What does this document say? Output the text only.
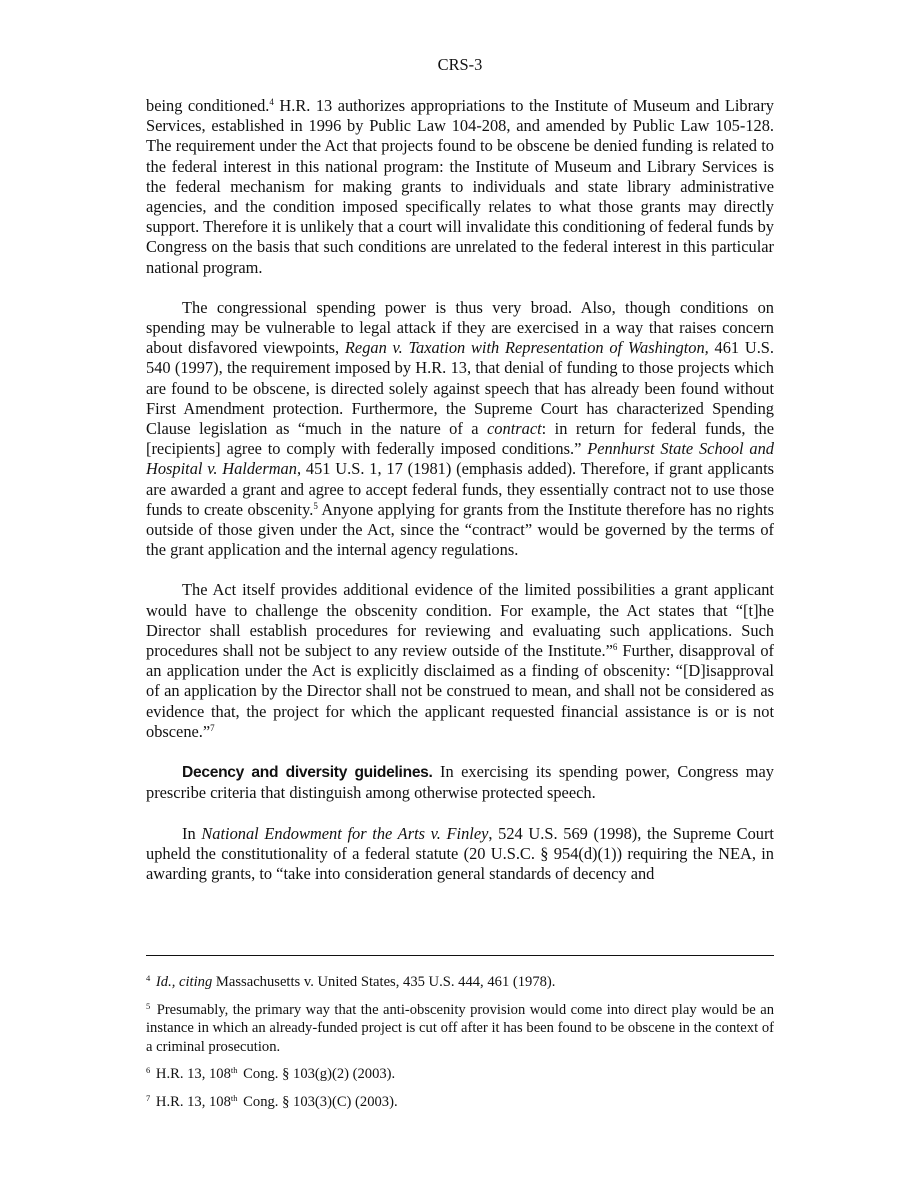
CRS-3

being conditioned.$^4$ H.R. 13 authorizes appropriations to the Institute of Museum and Library Services, established in 1996 by Public Law 104-208, and amended by Public Law 105-128. The requirement under the Act that projects found to be obscene be denied funding is related to the federal interest in this national program: the Institute of Museum and Library Services is the federal mechanism for making grants to individuals and state library administrative agencies, and the condition imposed specifically relates to what those grants may directly support. Therefore it is unlikely that a court will invalidate this conditioning of federal funds by Congress on the basis that such conditions are unrelated to the federal interest in this particular national program.

The congressional spending power is thus very broad. Also, though conditions on spending may be vulnerable to legal attack if they are exercised in a way that raises concern about disfavored viewpoints, Regan v. Taxation with Representation of Washington, 461 U.S. 540 (1997), the requirement imposed by H.R. 13, that denial of funding to those projects which are found to be obscene, is directed solely against speech that has already been found without First Amendment protection. Furthermore, the Supreme Court has characterized Spending Clause legislation as “much in the nature of a contract: in return for federal funds, the [recipients] agree to comply with federally imposed conditions.” Pennhurst State School and Hospital v. Halderman, 451 U.S. 1, 17 (1981) (emphasis added). Therefore, if grant applicants are awarded a grant and agree to accept federal funds, they essentially contract not to use those funds to create obscenity.$^5$ Anyone applying for grants from the Institute therefore has no rights outside of those given under the Act, since the “contract” would be governed by the terms of the grant application and the internal agency regulations.

The Act itself provides additional evidence of the limited possibilities a grant applicant would have to challenge the obscenity condition. For example, the Act states that “[t]he Director shall establish procedures for reviewing and evaluating such applications. Such procedures shall not be subject to any review outside of the Institute.”$^6$ Further, disapproval of an application under the Act is explicitly disclaimed as a finding of obscenity: “[D]isapproval of an application by the Director shall not be construed to mean, and shall not be considered as evidence that, the project for which the applicant requested financial assistance is or is not obscene.”$^7$

Decency and diversity guidelines. In exercising its spending power, Congress may prescribe criteria that distinguish among otherwise protected speech.

In National Endowment for the Arts v. Finley, 524 U.S. 569 (1998), the Supreme Court upheld the constitutionality of a federal statute (20 U.S.C. § 954(d)(1)) requiring the NEA, in awarding grants, to “take into consideration general standards of decency and

$^4$ Id., citing Massachusetts v. United States, 435 U.S. 444, 461 (1978).
$^5$ Presumably, the primary way that the anti-obscenity provision would come into direct play would be an instance in which an already-funded project is cut off after it has been found to be obscene in the context of a criminal prosecution.
$^6$ H.R. 13, 108th Cong. § 103(g)(2) (2003).
$^7$ H.R. 13, 108th Cong. § 103(3)(C) (2003).
